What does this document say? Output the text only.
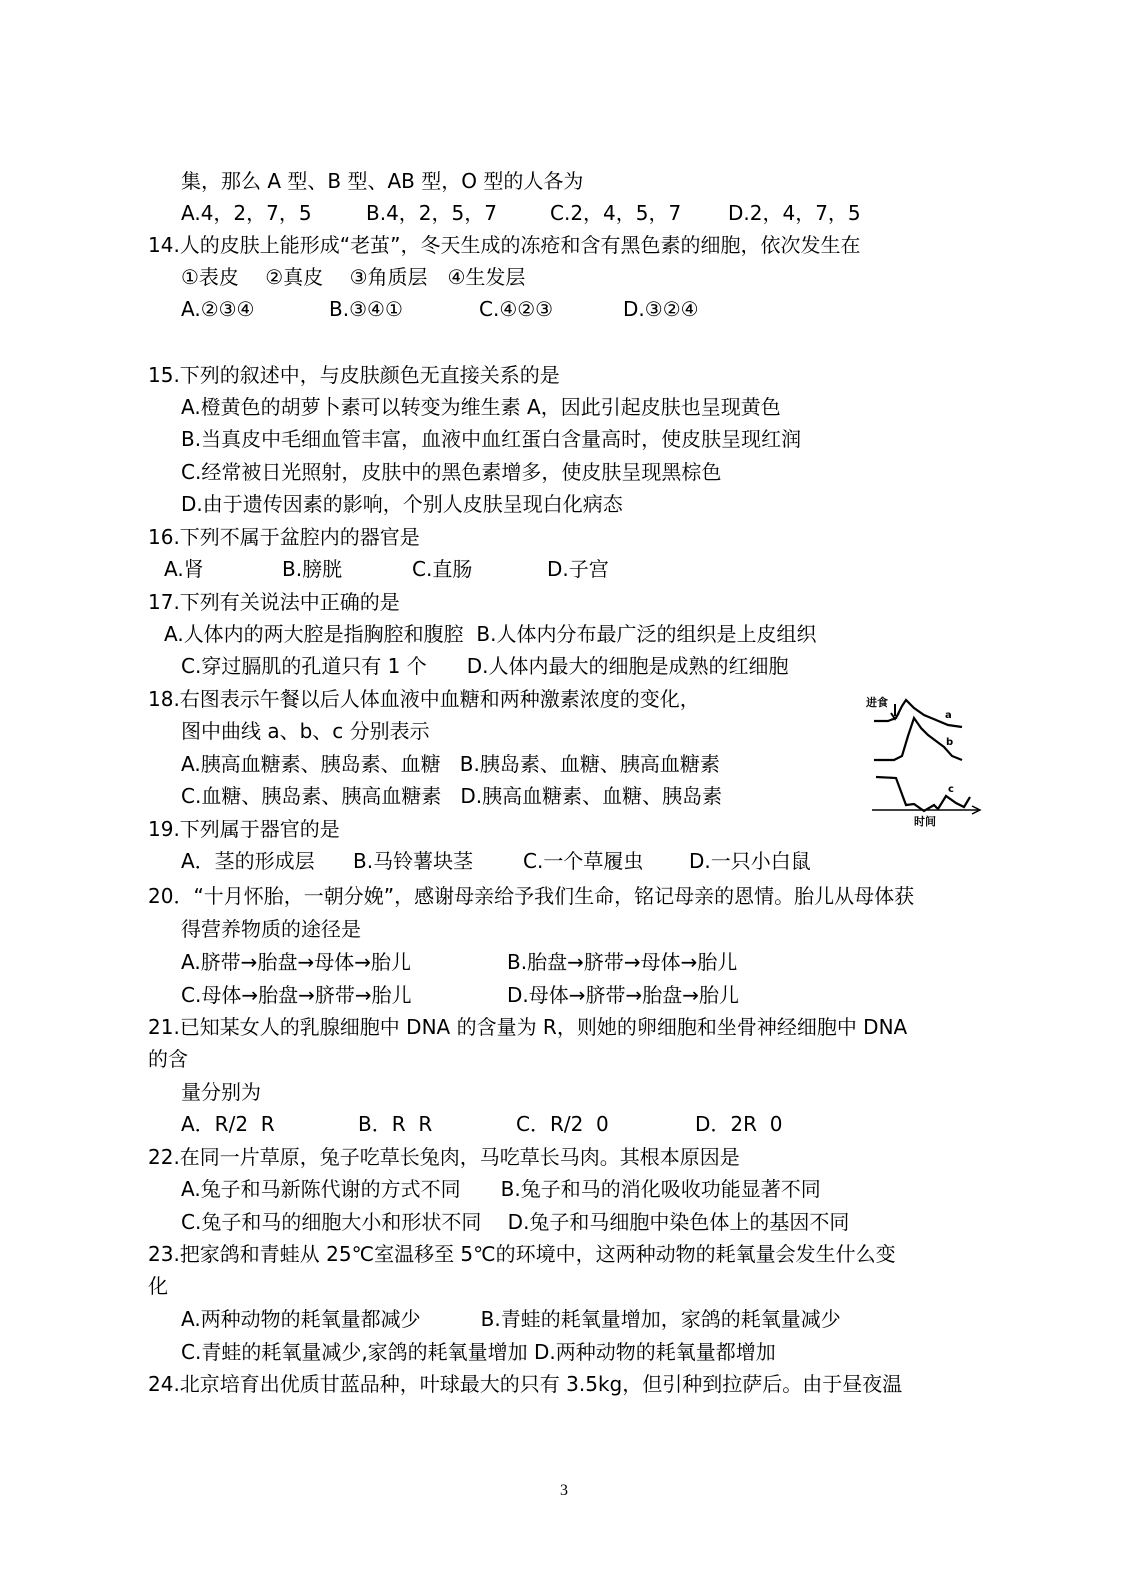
集，那么 A 型、B 型、AB 型，O 型的人各为

A.4，2，7，5

	B.4，2，5，7

	C.2，4，5，7

D.2，4，7，5

14.人的皮肤上能形成“老茧”，冬天生成的冻疮和含有黑色素的细胞，依次发生在
①表皮　 ②真皮　 ③角质层　④生发层

A.②③④

	B.③④①

	C.④②③

	D.③②④

15.下列的叙述中，与皮肤颜色无直接关系的是
A.橙黄色的胡萝卜素可以转变为维生素 A，因此引起皮肤也呈现黄色
B.当真皮中毛细血管丰富，血液中血红蛋白含量高时，使皮肤呈现红润
C.经常被日光照射，皮肤中的黑色素增多，使皮肤呈现黑棕色
D.由于遗传因素的影响，个别人皮肤呈现白化病态
16.下列不属于盆腔内的器官是

A.肾

	B.膀胱

	C.直肠

	D.子宫

17.下列有关说法中正确的是
A.人体内的两大腔是指胸腔和腹腔  B.人体内分布最广泛的组织是上皮组织
C.穿过膈肌的孔道只有 1 个　　D.人体内最大的细胞是成熟的红细胞
18.右图表示午餐以后人体血液中血糖和两种激素浓度的变化，
图中曲线 a、b、c 分别表示
A.胰高血糖素、胰岛素、血糖   B.胰岛素、血糖、胰高血糖素
C.血糖、胰岛素、胰高血糖素   D.胰高血糖素、血糖、胰岛素
进食
a
b
c
时间
19.下列属于器官的是

A．茎的形成层

B.马铃薯块茎

C.一个草履虫

D.一只小白鼠

20．“十月怀胎，一朝分娩”，感谢母亲给予我们生命，铭记母亲的恩情。胎儿从母体获
得营养物质的途径是

A.脐带→胎盘→母体→胎儿

	B.胎盘→脐带→母体→胎儿

C.母体→胎盘→脐带→胎儿

	D.母体→脐带→胎盘→胎儿

21.已知某女人的乳腺细胞中 DNA 的含量为 R，则她的卵细胞和坐骨神经细胞中 DNA
的含
量分别为

A．R/2  R

	B．R  R

	C．R/2  0

	D．2R  0

22.在同一片草原，兔子吃草长兔肉，马吃草长马肉。其根本原因是
A.兔子和马新陈代谢的方式不同　　B.兔子和马的消化吸收功能显著不同
C.兔子和马的细胞大小和形状不同　 D.兔子和马细胞中染色体上的基因不同
23.把家鸽和青蛙从 25℃室温移至 5℃的环境中，这两种动物的耗氧量会发生什么变
化
A.两种动物的耗氧量都减少　　　B.青蛙的耗氧量增加，家鸽的耗氧量减少
C.青蛙的耗氧量减少,家鸽的耗氧量增加 D.两种动物的耗氧量都增加
24.北京培育出优质甘蓝品种，叶球最大的只有 3.5kg，但引种到拉萨后。由于昼夜温
3
